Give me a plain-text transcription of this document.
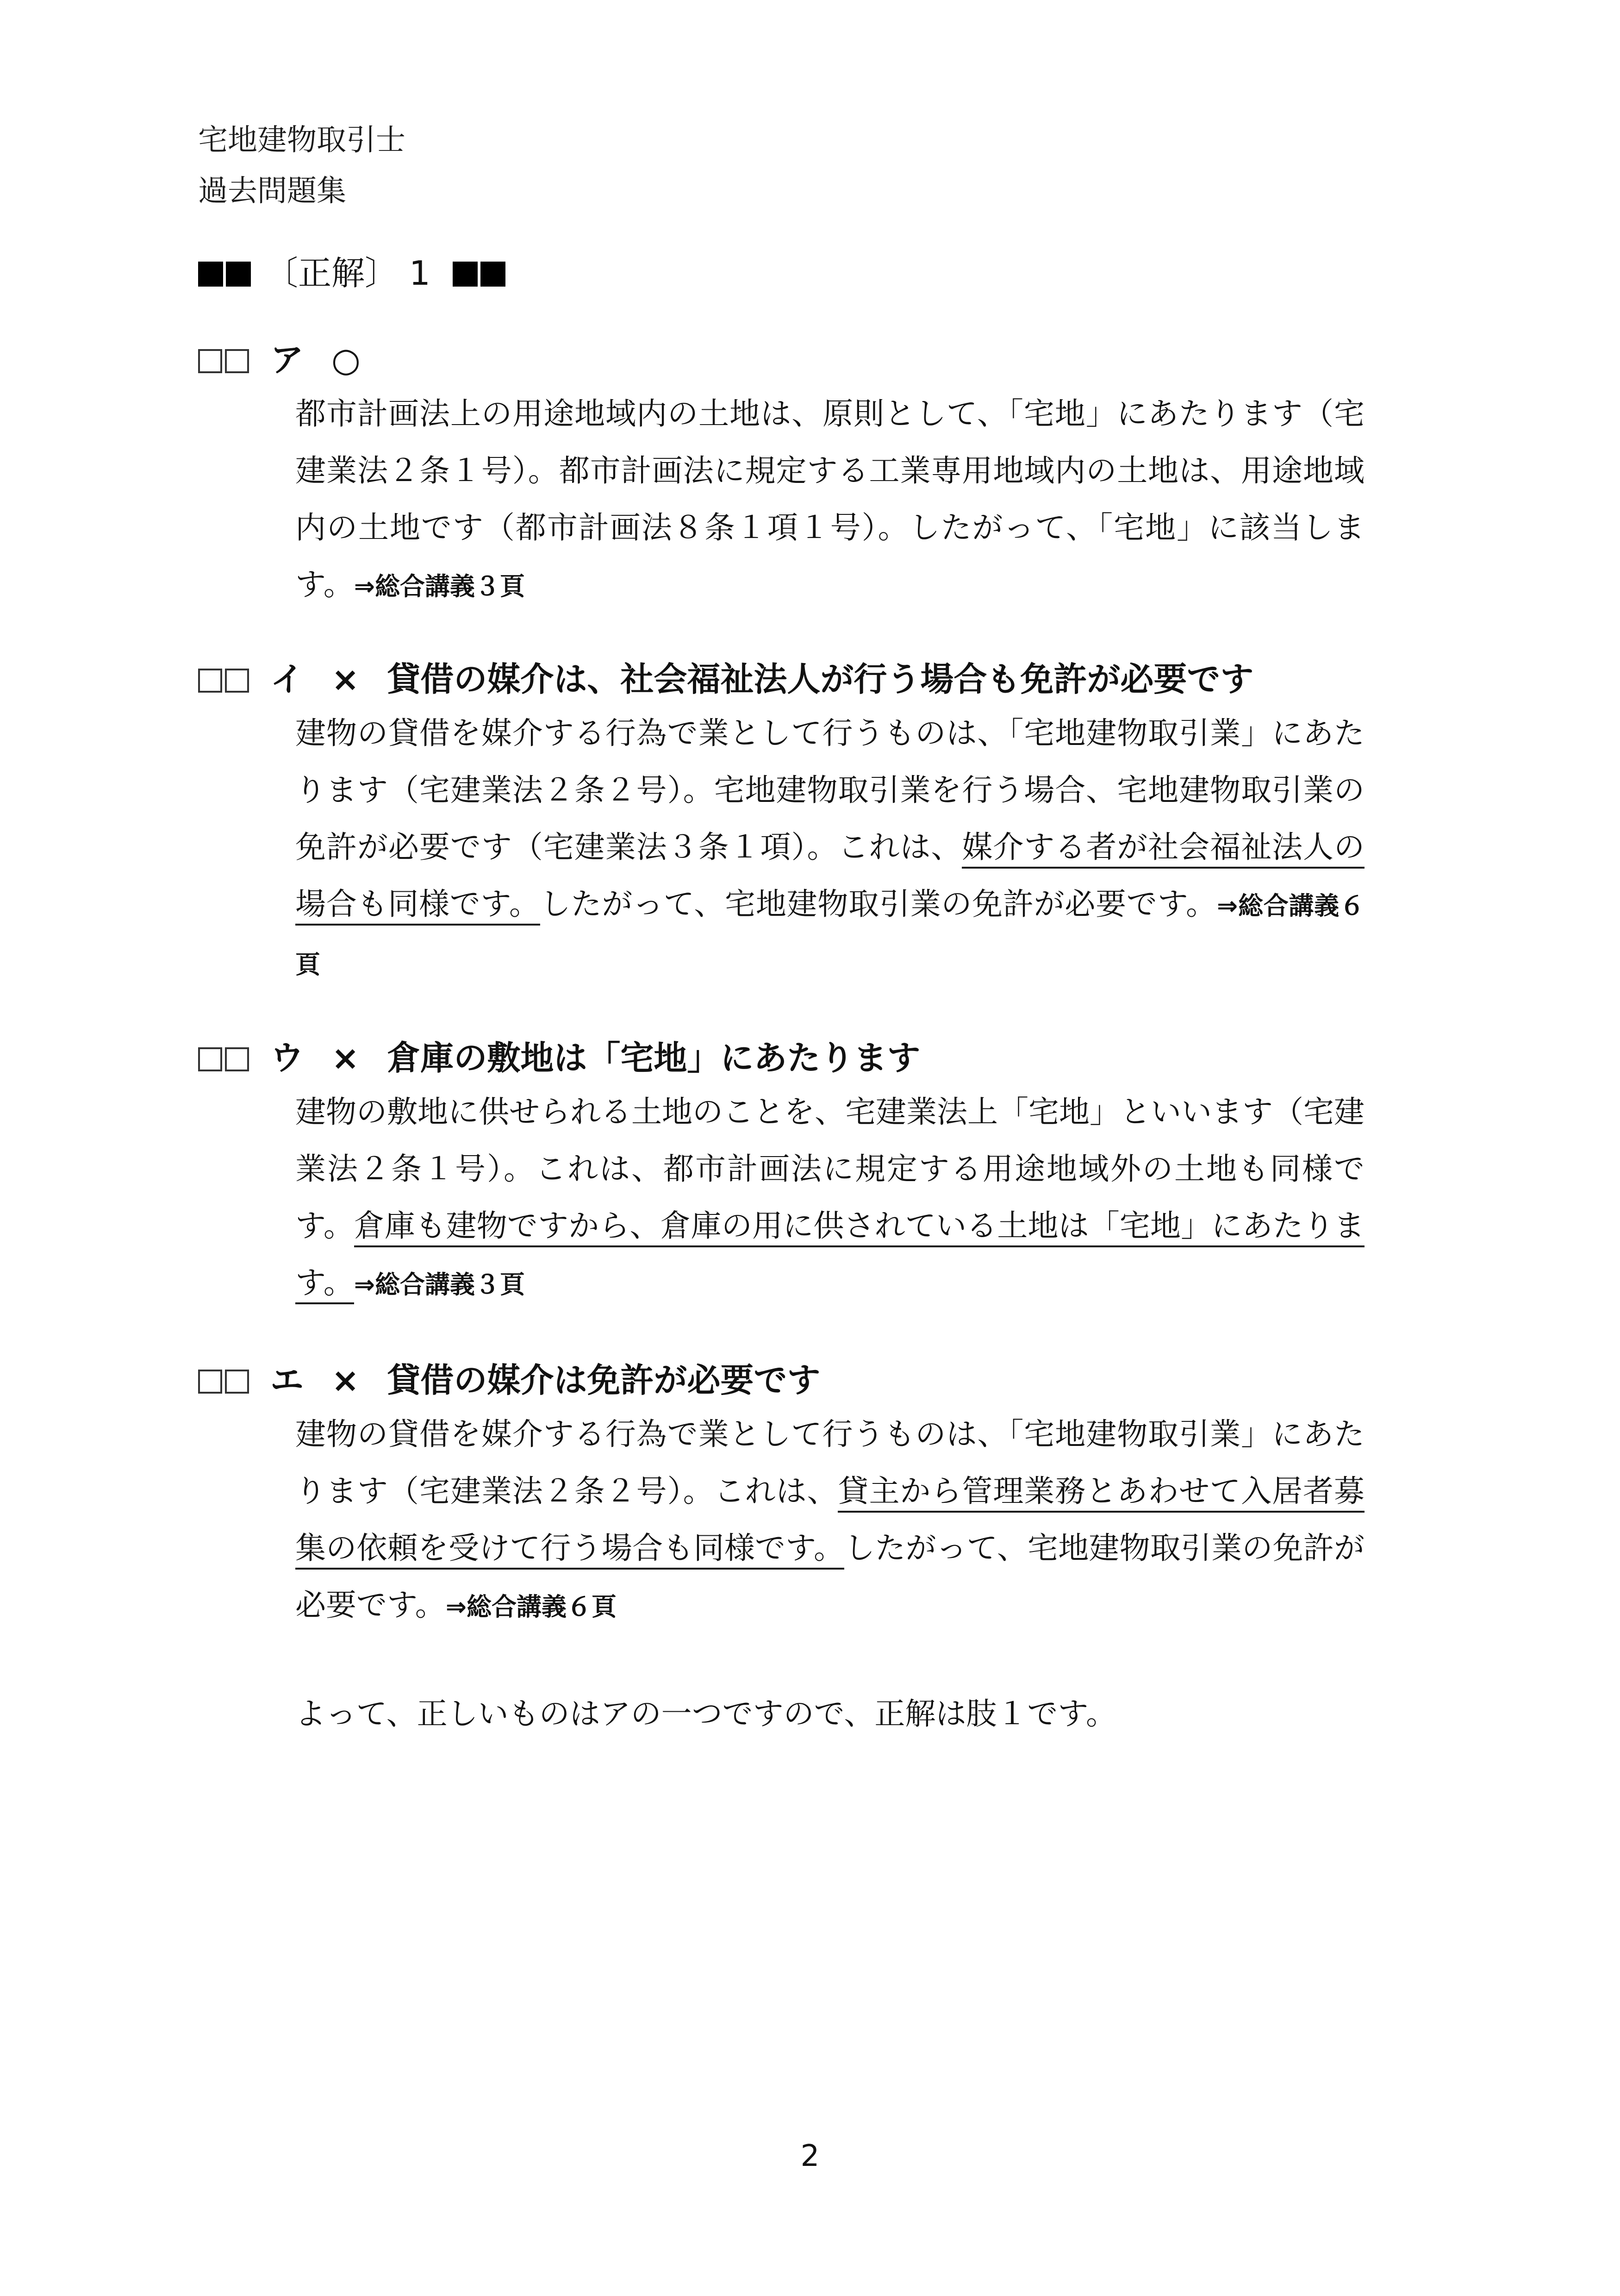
宅地建物取引士
過去問題集
〔正解〕 1
ア ○
都市計画法上の用途地域内の土地は、原則として、「宅地」にあたります（宅建業法２条１号）。都市計画法に規定する工業専用地域内の土地は、用途地域内の土地です（都市計画法８条１項１号）。したがって、「宅地」に該当します。⇒総合講義３頁
イ × 貸借の媒介は、社会福祉法人が行う場合も免許が必要です
建物の貸借を媒介する行為で業として行うものは、「宅地建物取引業」にあたります（宅建業法２条２号）。宅地建物取引業を行う場合、宅地建物取引業の免許が必要です（宅建業法３条１項）。これは、媒介する者が社会福祉法人の場合も同様です。したがって、宅地建物取引業の免許が必要です。⇒総合講義６頁
ウ × 倉庫の敷地は「宅地」にあたります
建物の敷地に供せられる土地のことを、宅建業法上「宅地」といいます（宅建業法２条１号）。これは、都市計画法に規定する用途地域外の土地も同様です。倉庫も建物ですから、倉庫の用に供されている土地は「宅地」にあたります。⇒総合講義３頁
エ × 貸借の媒介は免許が必要です
建物の貸借を媒介する行為で業として行うものは、「宅地建物取引業」にあたります（宅建業法２条２号）。これは、貸主から管理業務とあわせて入居者募集の依頼を受けて行う場合も同様です。したがって、宅地建物取引業の免許が必要です。⇒総合講義６頁
よって、正しいものはアの一つですので、正解は肢１です。
2
